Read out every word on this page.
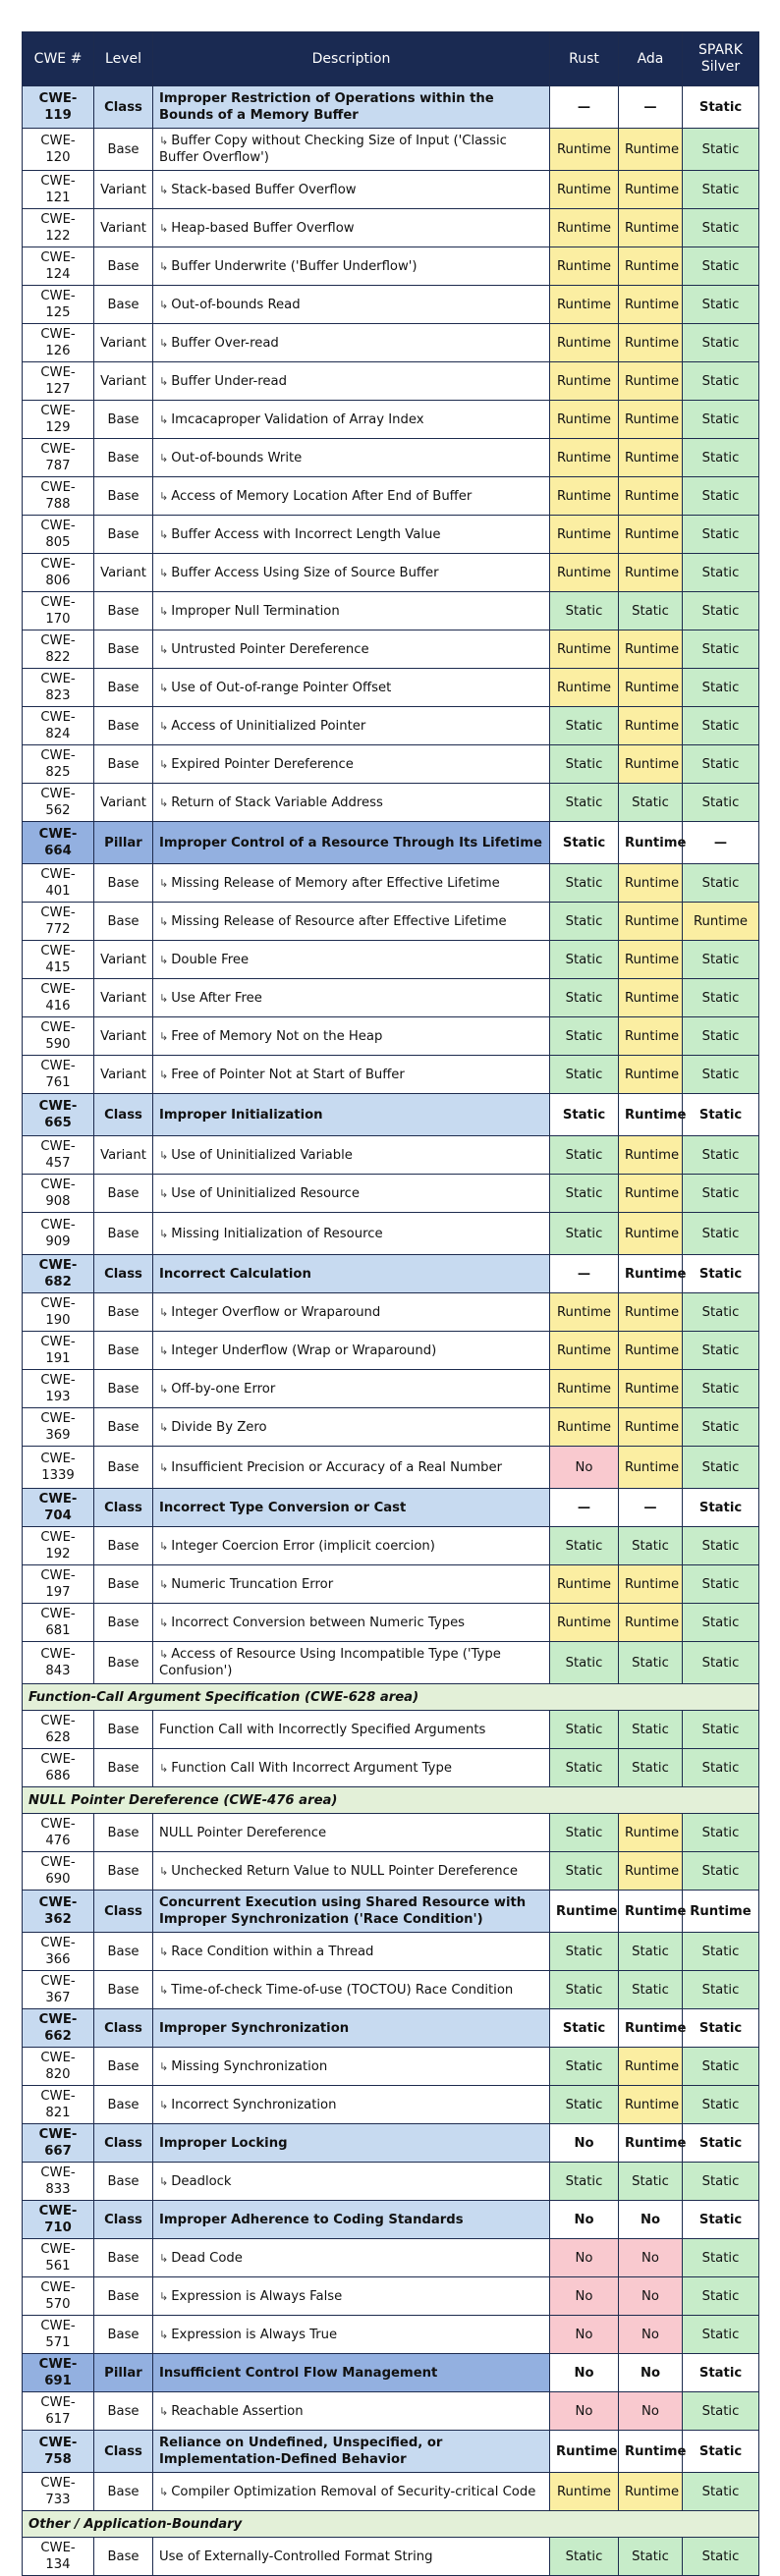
CWE #	Level	Description	Rust	Ada	SPARK Silver
CWE-119	Class	Improper Restriction of Operations within the Bounds of a Memory Buffer	—	—	Static
CWE-120	Base	↳ Buffer Copy without Checking Size of Input ('Classic Buffer Overflow')	Runtime	Runtime	Static
CWE-121	Variant	↳ Stack-based Buffer Overflow	Runtime	Runtime	Static
CWE-122	Variant	↳ Heap-based Buffer Overflow	Runtime	Runtime	Static
CWE-124	Base	↳ Buffer Underwrite ('Buffer Underflow')	Runtime	Runtime	Static
CWE-125	Base	↳ Out-of-bounds Read	Runtime	Runtime	Static
CWE-126	Variant	↳ Buffer Over-read	Runtime	Runtime	Static
CWE-127	Variant	↳ Buffer Under-read	Runtime	Runtime	Static
CWE-129	Base	↳ Imcacaproper Validation of Array Index	Runtime	Runtime	Static
CWE-787	Base	↳ Out-of-bounds Write	Runtime	Runtime	Static
CWE-788	Base	↳ Access of Memory Location After End of Buffer	Runtime	Runtime	Static
CWE-805	Base	↳ Buffer Access with Incorrect Length Value	Runtime	Runtime	Static
CWE-806	Variant	↳ Buffer Access Using Size of Source Buffer	Runtime	Runtime	Static
CWE-170	Base	↳ Improper Null Termination	Static	Static	Static
CWE-822	Base	↳ Untrusted Pointer Dereference	Runtime	Runtime	Static
CWE-823	Base	↳ Use of Out-of-range Pointer Offset	Runtime	Runtime	Static
CWE-824	Base	↳ Access of Uninitialized Pointer	Static	Runtime	Static
CWE-825	Base	↳ Expired Pointer Dereference	Static	Runtime	Static
CWE-562	Variant	↳ Return of Stack Variable Address	Static	Static	Static
CWE-664	Pillar	Improper Control of a Resource Through Its Lifetime	Static	Runtime	—
CWE-401	Base	↳ Missing Release of Memory after Effective Lifetime	Static	Runtime	Static
CWE-772	Base	↳ Missing Release of Resource after Effective Lifetime	Static	Runtime	Runtime
CWE-415	Variant	↳ Double Free	Static	Runtime	Static
CWE-416	Variant	↳ Use After Free	Static	Runtime	Static
CWE-590	Variant	↳ Free of Memory Not on the Heap	Static	Runtime	Static
CWE-761	Variant	↳ Free of Pointer Not at Start of Buffer	Static	Runtime	Static
CWE-665	Class	Improper Initialization	Static	Runtime	Static
CWE-457	Variant	↳ Use of Uninitialized Variable	Static	Runtime	Static
CWE-908	Base	↳ Use of Uninitialized Resource	Static	Runtime	Static
CWE-909	Base	↳ Missing Initialization of Resource	Static	Runtime	Static
CWE-682	Class	Incorrect Calculation	—	Runtime	Static
CWE-190	Base	↳ Integer Overflow or Wraparound	Runtime	Runtime	Static
CWE-191	Base	↳ Integer Underflow (Wrap or Wraparound)	Runtime	Runtime	Static
CWE-193	Base	↳ Off-by-one Error	Runtime	Runtime	Static
CWE-369	Base	↳ Divide By Zero	Runtime	Runtime	Static
CWE-1339	Base	↳ Insufficient Precision or Accuracy of a Real Number	No	Runtime	Static
CWE-704	Class	Incorrect Type Conversion or Cast	—	—	Static
CWE-192	Base	↳ Integer Coercion Error (implicit coercion)	Static	Static	Static
CWE-197	Base	↳ Numeric Truncation Error	Runtime	Runtime	Static
CWE-681	Base	↳ Incorrect Conversion between Numeric Types	Runtime	Runtime	Static
CWE-843	Base	↳ Access of Resource Using Incompatible Type ('Type Confusion')	Static	Static	Static
Function-Call Argument Specification (CWE-628 area)					
CWE-628	Base	Function Call with Incorrectly Specified Arguments	Static	Static	Static
CWE-686	Base	↳ Function Call With Incorrect Argument Type	Static	Static	Static
NULL Pointer Dereference (CWE-476 area)					
CWE-476	Base	NULL Pointer Dereference	Static	Runtime	Static
CWE-690	Base	↳ Unchecked Return Value to NULL Pointer Dereference	Static	Runtime	Static
CWE-362	Class	Concurrent Execution using Shared Resource with Improper Synchronization ('Race Condition')	Runtime	Runtime	Runtime
CWE-366	Base	↳ Race Condition within a Thread	Static	Static	Static
CWE-367	Base	↳ Time-of-check Time-of-use (TOCTOU) Race Condition	Static	Static	Static
CWE-662	Class	Improper Synchronization	Static	Runtime	Static
CWE-820	Base	↳ Missing Synchronization	Static	Runtime	Static
CWE-821	Base	↳ Incorrect Synchronization	Static	Runtime	Static
CWE-667	Class	Improper Locking	No	Runtime	Static
CWE-833	Base	↳ Deadlock	Static	Static	Static
CWE-710	Class	Improper Adherence to Coding Standards	No	No	Static
CWE-561	Base	↳ Dead Code	No	No	Static
CWE-570	Base	↳ Expression is Always False	No	No	Static
CWE-571	Base	↳ Expression is Always True	No	No	Static
CWE-691	Pillar	Insufficient Control Flow Management	No	No	Static
CWE-617	Base	↳ Reachable Assertion	No	No	Static
CWE-758	Class	Reliance on Undefined, Unspecified, or Implementation-Defined Behavior	Runtime	Runtime	Static
CWE-733	Base	↳ Compiler Optimization Removal of Security-critical Code	Runtime	Runtime	Static
Other / Application-Boundary					
CWE-134	Base	Use of Externally-Controlled Format String	Static	Static	Static
